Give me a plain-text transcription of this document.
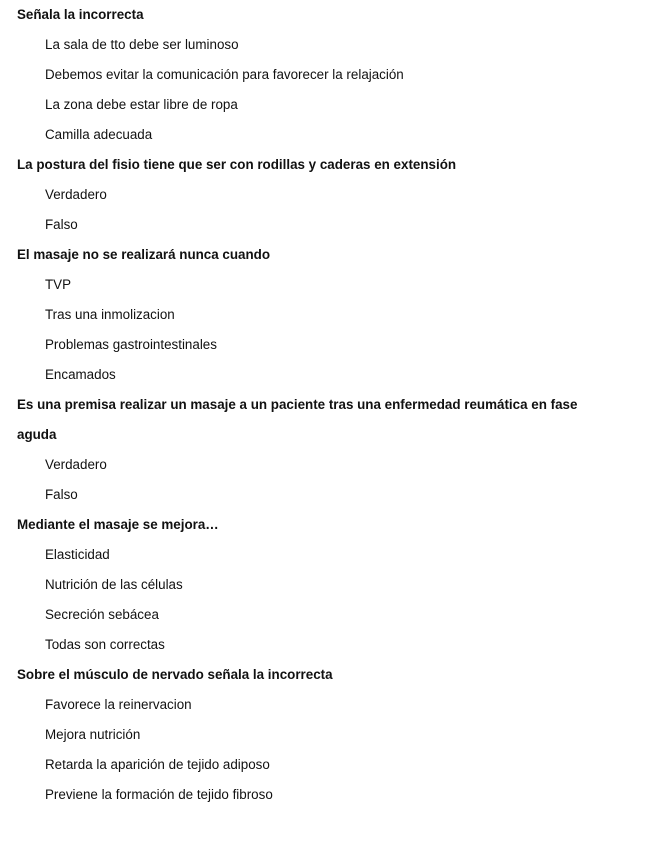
Señala la incorrecta

La sala de tto debe ser luminoso
Debemos evitar la comunicación para favorecer la relajación
La zona debe estar libre de ropa
Camilla adecuada

La postura del fisio tiene que ser con rodillas y caderas en extensión

Verdadero
Falso

El masaje no se realizará nunca cuando

TVP
Tras una inmolizacion
Problemas gastrointestinales
Encamados

Es una premisa realizar un masaje a un paciente tras una enfermedad reumática en fase aguda

Verdadero
Falso

Mediante el masaje se mejora…

Elasticidad
Nutrición de las células
Secreción sebácea
Todas son correctas

Sobre el músculo de nervado señala la incorrecta

Favorece la reinervacion
Mejora nutrición
Retarda la aparición de tejido adiposo
Previene la formación de tejido fibroso
